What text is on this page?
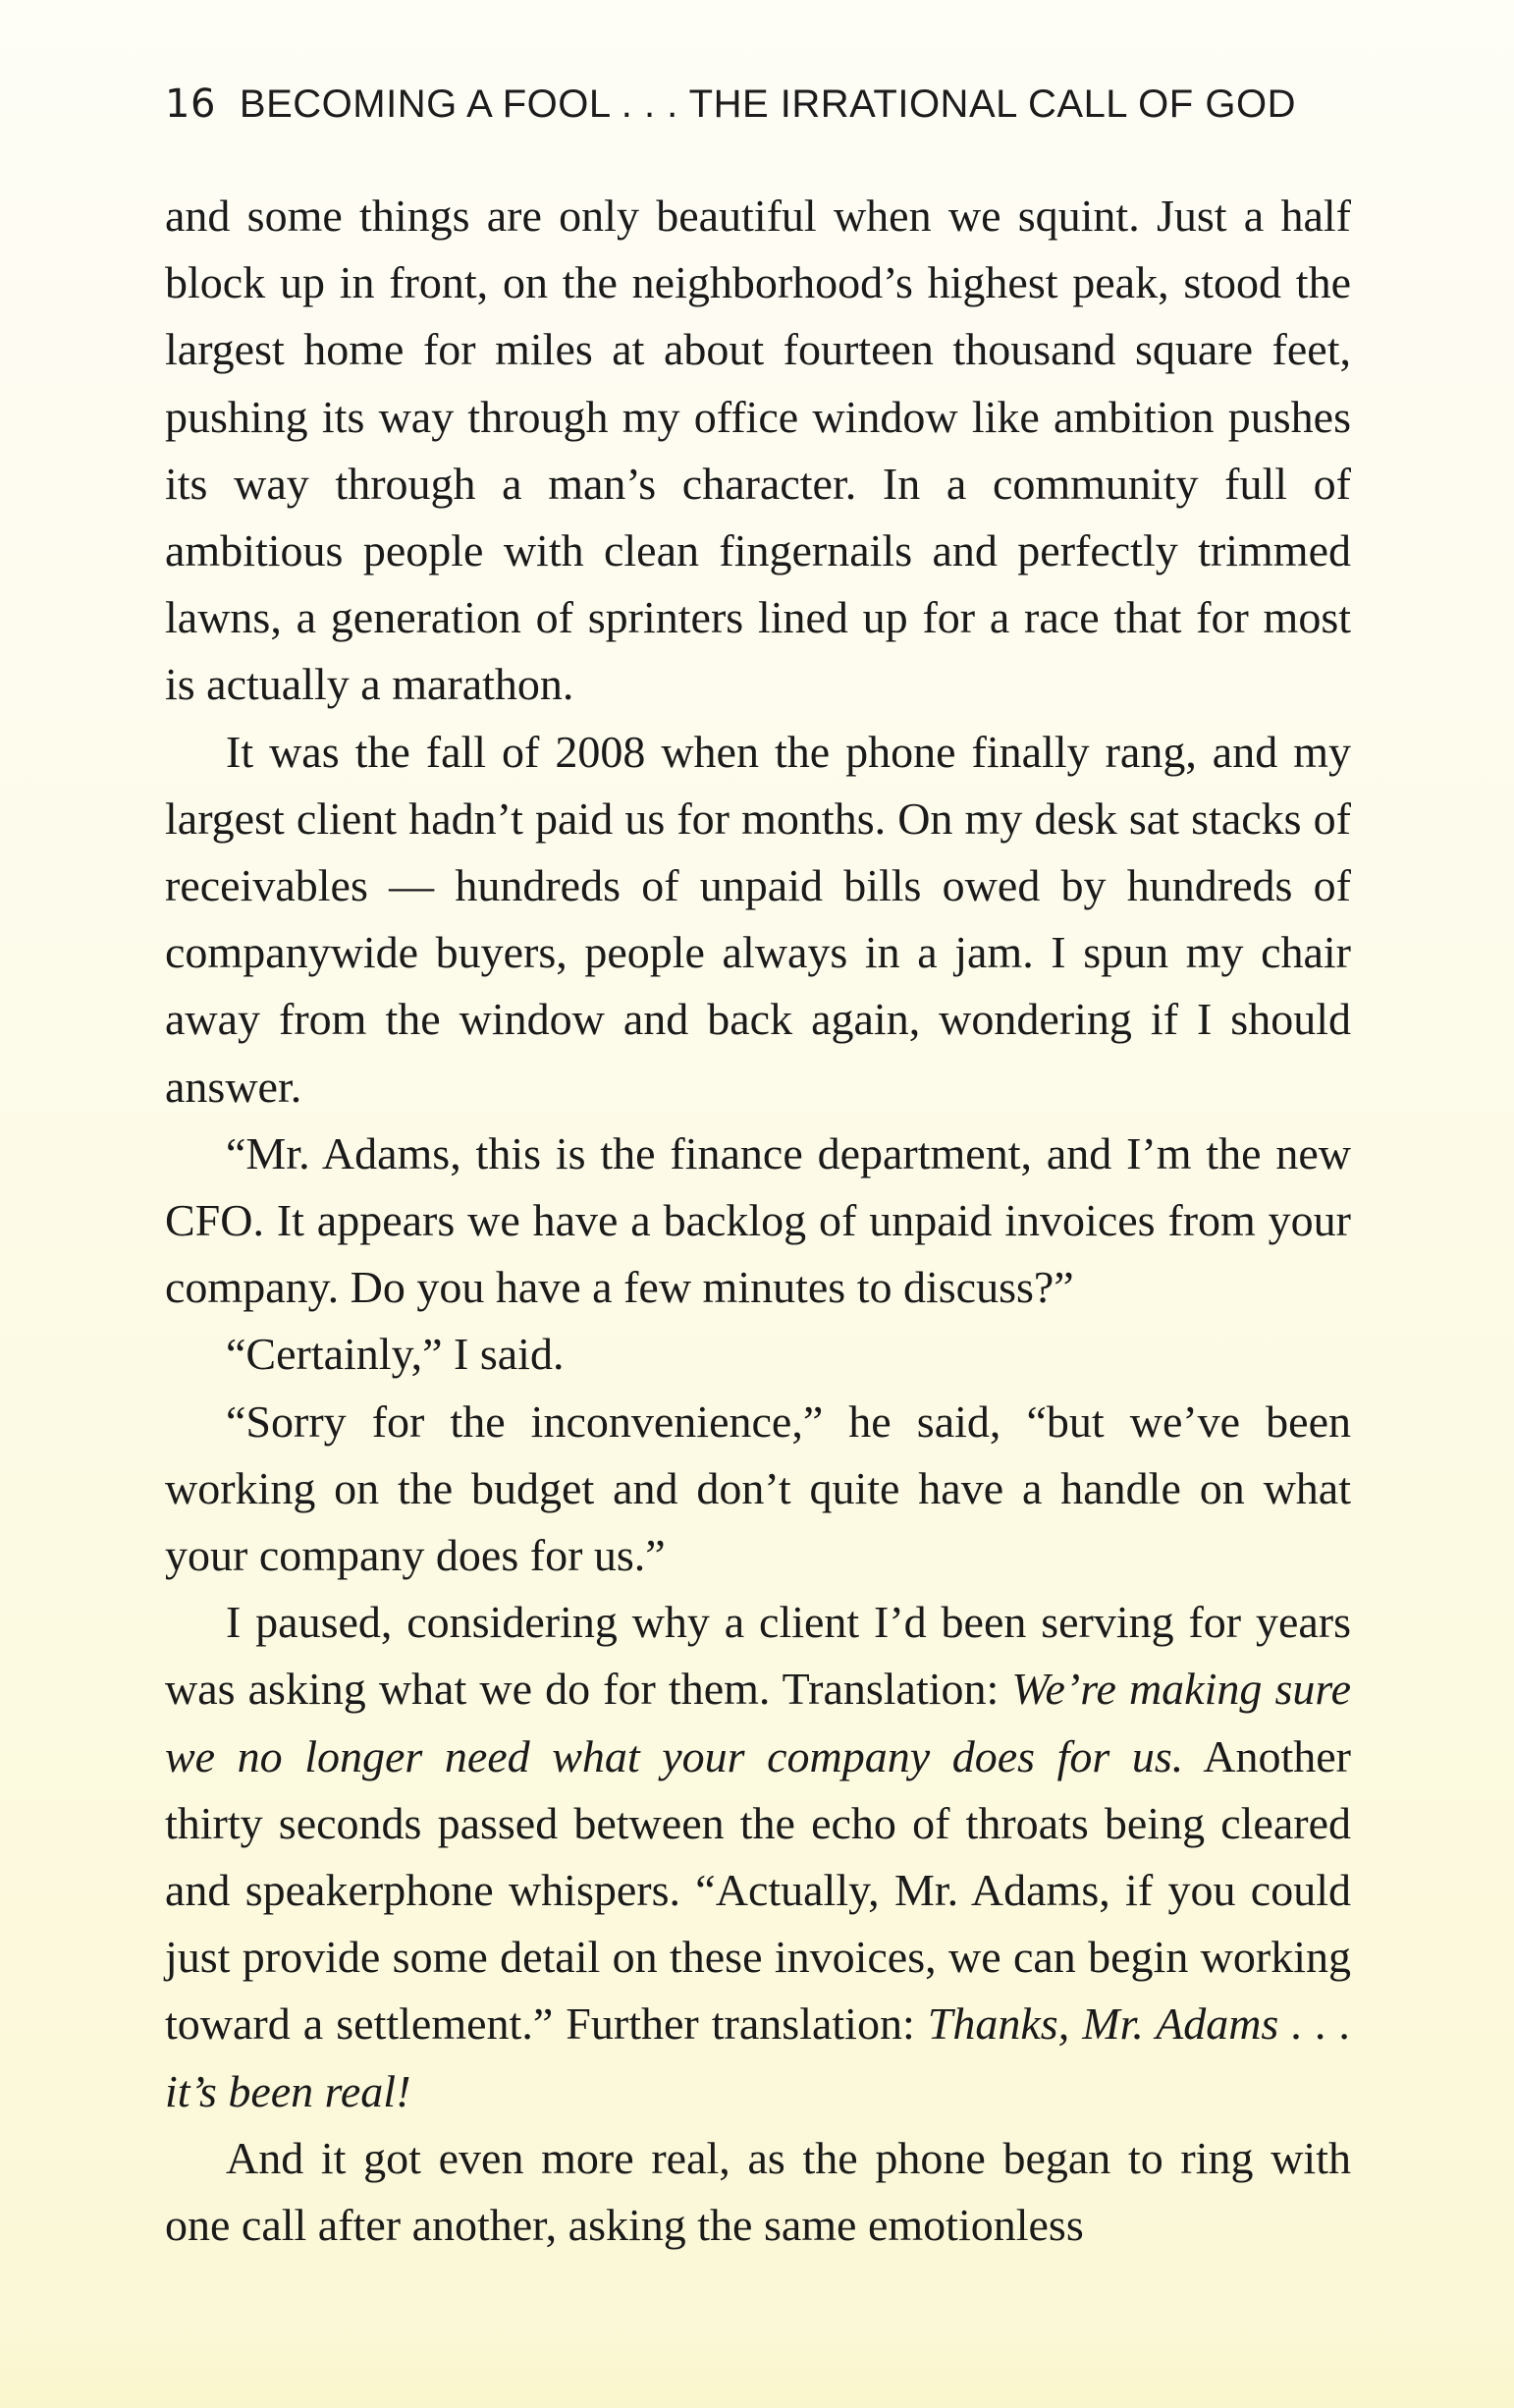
16 BECOMING A FOOL . . . THE IRRATIONAL CALL OF GOD

and some things are only beautiful when we squint. Just a half block up in front, on the neighborhood’s highest peak, stood the largest home for miles at about fourteen thousand square feet, pushing its way through my office window like ambition pushes its way through a man’s character. In a community full of ambitious people with clean fingernails and perfectly trimmed lawns, a generation of sprinters lined up for a race that for most is actually a marathon.

It was the fall of 2008 when the phone finally rang, and my largest client hadn’t paid us for months. On my desk sat stacks of receivables — hundreds of unpaid bills owed by hundreds of companywide buyers, people always in a jam. I spun my chair away from the window and back again, wondering if I should answer.

“Mr. Adams, this is the finance department, and I’m the new CFO. It appears we have a backlog of unpaid invoices from your company. Do you have a few minutes to discuss?”

“Certainly,” I said.

“Sorry for the inconvenience,” he said, “but we’ve been working on the budget and don’t quite have a handle on what your company does for us.”

I paused, considering why a client I’d been serving for years was asking what we do for them. Translation: We’re making sure we no longer need what your company does for us. Another thirty seconds passed between the echo of throats being cleared and speakerphone whispers. “Actually, Mr. Adams, if you could just provide some detail on these invoices, we can begin working toward a settlement.” Further translation: Thanks, Mr. Adams . . . it’s been real!

And it got even more real, as the phone began to ring with one call after another, asking the same emotionless
